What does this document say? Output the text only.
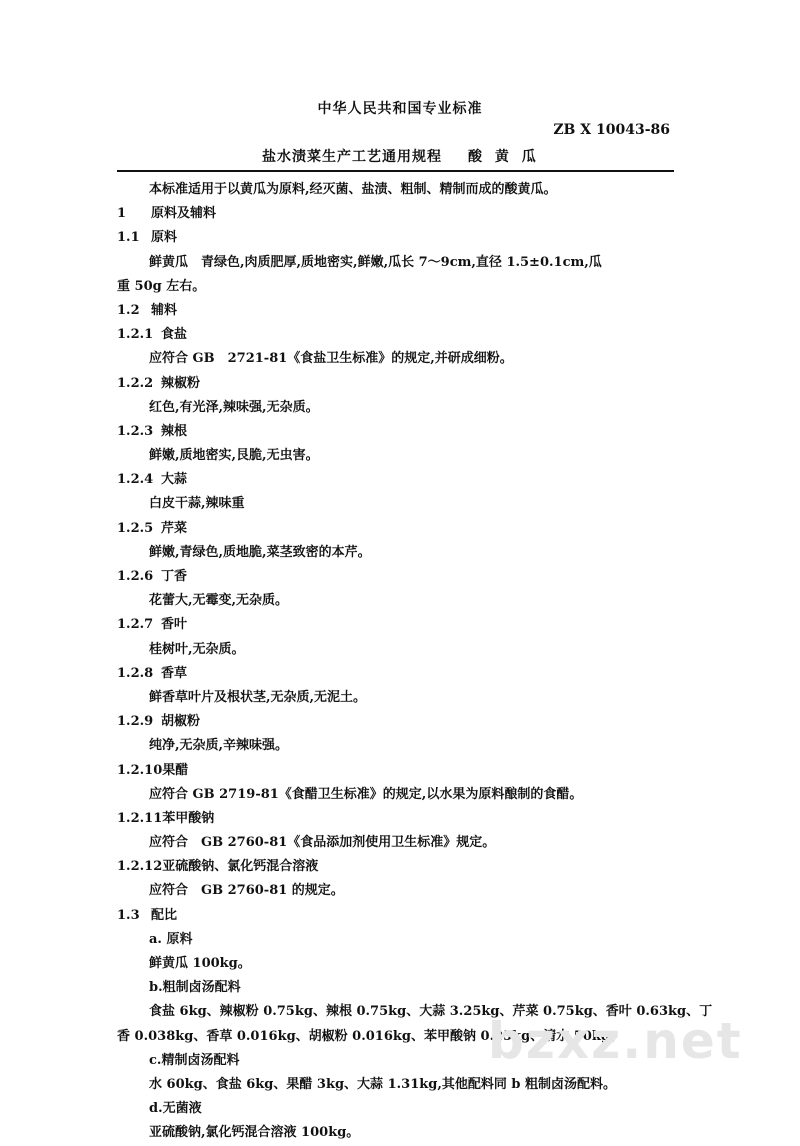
中华人民共和国专业标准
ZB X 10043-86
盐水渍菜生产工艺通用规程 酸 黄 瓜
本标准适用于以黄瓜为原料,经灭菌、盐渍、粗制、精制而成的酸黄瓜。
1 原料及辅料
1.1 原料
鲜黄瓜　青绿色,肉质肥厚,质地密实,鲜嫩,瓜长 7～9cm,直径 1.5±0.1cm,瓜
重 50g 左右。
1.2 辅料
1.2.1 食盐
应符合 GB　2721-81《食盐卫生标准》的规定,并研成细粉。
1.2.2 辣椒粉
红色,有光泽,辣味强,无杂质。
1.2.3 辣根
鲜嫩,质地密实,艮脆,无虫害。
1.2.4 大蒜
白皮干蒜,辣味重
1.2.5 芹菜
鲜嫩,青绿色,质地脆,菜茎致密的本芹。
1.2.6 丁香
花蕾大,无霉变,无杂质。
1.2.7 香叶
桂树叶,无杂质。
1.2.8 香草
鲜香草叶片及根状茎,无杂质,无泥土。
1.2.9 胡椒粉
纯净,无杂质,辛辣味强。
1.2.10果醋
应符合 GB 2719-81《食醋卫生标准》的规定,以水果为原料酿制的食醋。
1.2.11苯甲酸钠
应符合　GB 2760-81《食品添加剂使用卫生标准》规定。
1.2.12亚硫酸钠、氯化钙混合溶液
应符合　GB 2760-81 的规定。
1.3 配比
a. 原料
鲜黄瓜 100kg。
b.粗制卤汤配料
食盐 6kg、辣椒粉 0.75kg、辣根 0.75kg、大蒜 3.25kg、芹菜 0.75kg、香叶 0.63kg、丁
香 0.038kg、香草 0.016kg、胡椒粉 0.016kg、苯甲酸钠 0.25kg、清水 50kg。
c.精制卤汤配料
水 60kg、食盐 6kg、果醋 3kg、大蒜 1.31kg,其他配料同 b 粗制卤汤配料。
d.无菌液
亚硫酸钠,氯化钙混合溶液 100kg。
bzxz.net
